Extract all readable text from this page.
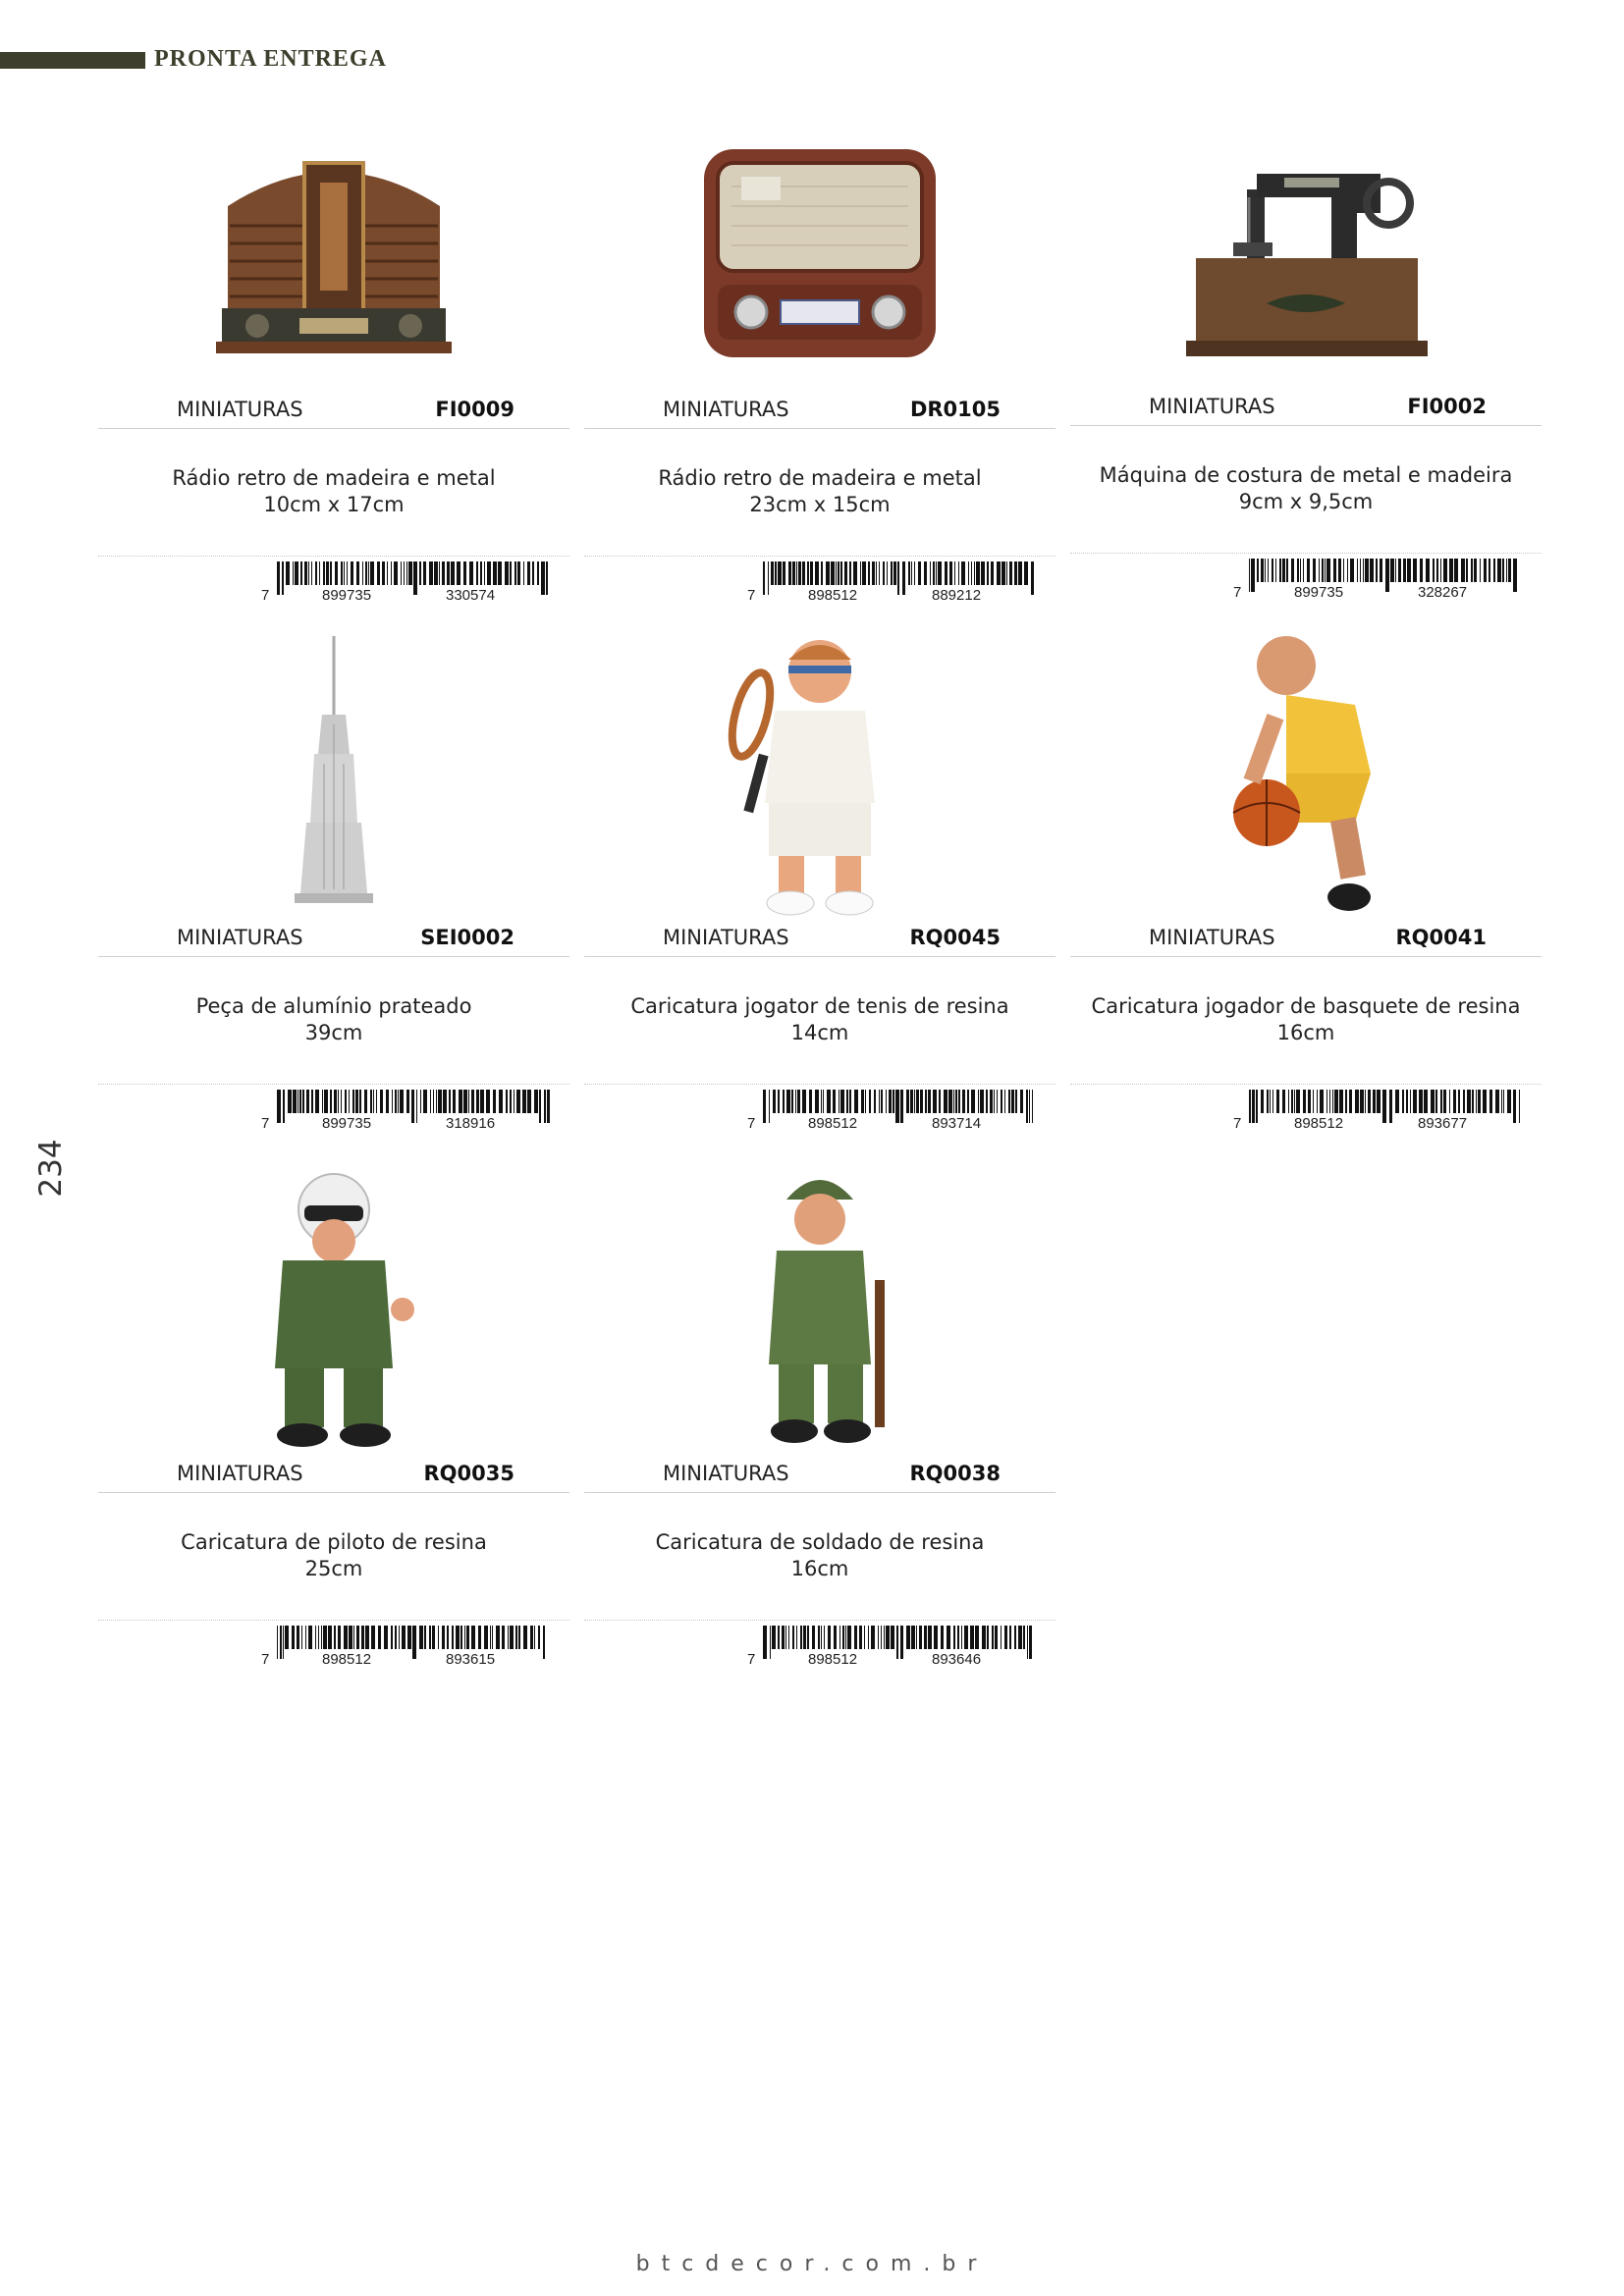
PRONTA ENTREGA
234
MINIATURAS	FI0009
Rádio retro de madeira e metal
10cm x 17cm
7	899735	330574
MINIATURAS	DR0105
Rádio retro de madeira e metal
23cm x 15cm
7	898512	889212
MINIATURAS	FI0002
Máquina de costura de metal e madeira
9cm x 9,5cm
7	899735	328267
MINIATURAS	SEI0002
Peça de alumínio prateado
39cm
7	899735	318916
MINIATURAS	RQ0045
Caricatura jogator de tenis de resina
14cm
7	898512	893714
MINIATURAS	RQ0041
Caricatura jogador de basquete de resina
16cm
7	898512	893677
MINIATURAS	RQ0035
Caricatura de piloto de resina
25cm
7	898512	893615
MINIATURAS	RQ0038
Caricatura de soldado de resina
16cm
7	898512	893646
btcdecor.com.br
